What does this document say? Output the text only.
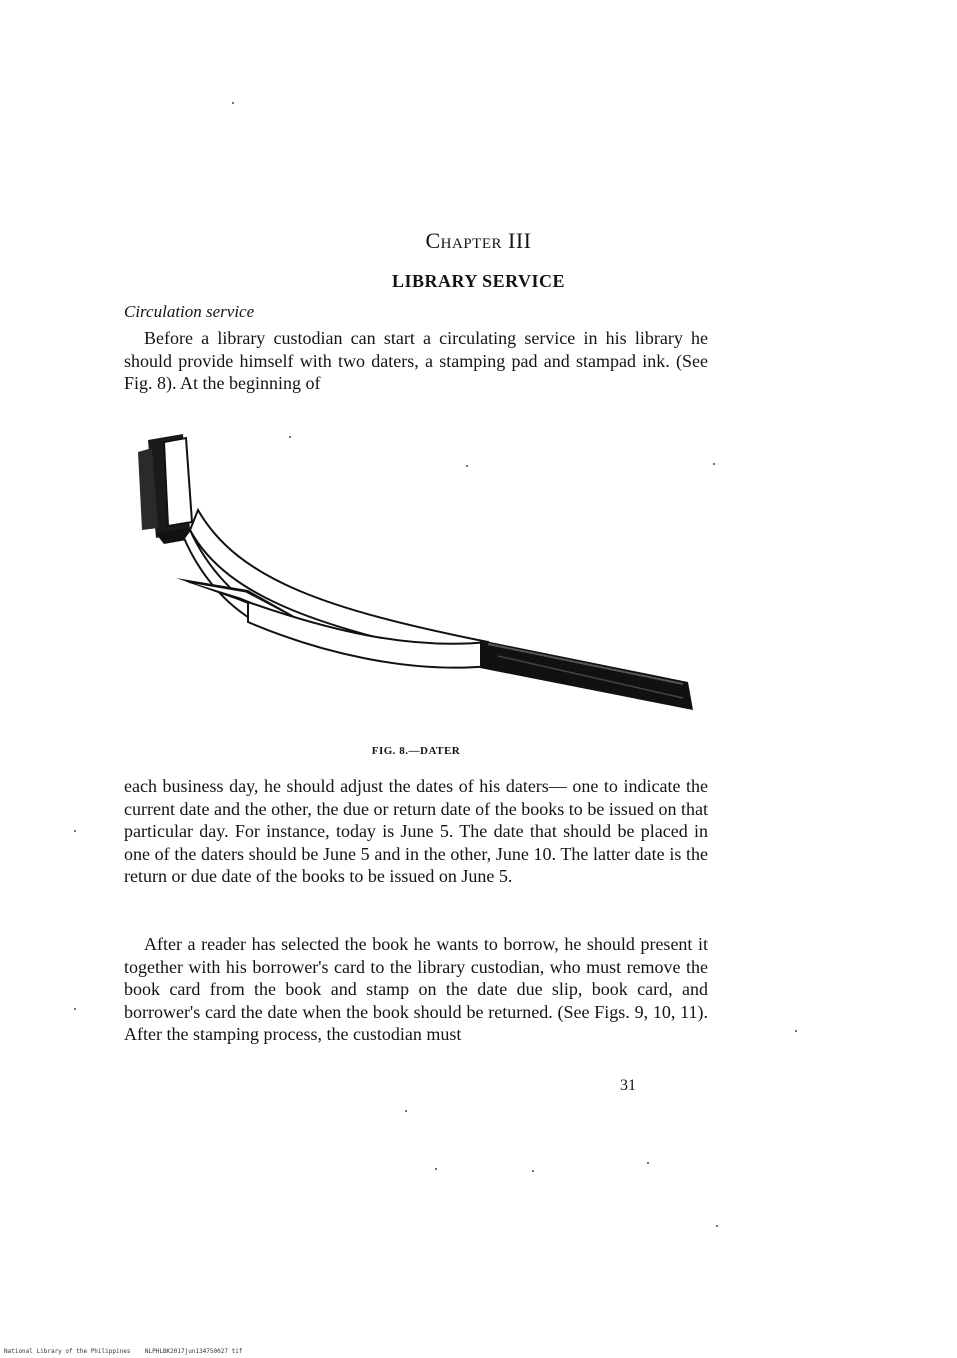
Chapter III
LIBRARY SERVICE
Circulation service
Before a library custodian can start a circulating service in his library he should provide himself with two daters, a stamping pad and stampad ink. (See Fig. 8). At the beginning of
FIG. 8.—DATER
each business day, he should adjust the dates of his daters— one to indicate the current date and the other, the due or return date of the books to be issued on that particular day. For instance, today is June 5. The date that should be placed in one of the daters should be June 5 and in the other, June 10. The latter date is the return or due date of the books to be issued on June 5.
After a reader has selected the book he wants to borrow, he should present it together with his borrower's card to the library custodian, who must remove the book card from the book and stamp on the date due slip, book card, and borrower's card the date when the book should be returned. (See Figs. 9, 10, 11). After the stamping process, the custodian must
31
National Library of the Philippines    NLPHLBK2017jun134750027 tif
